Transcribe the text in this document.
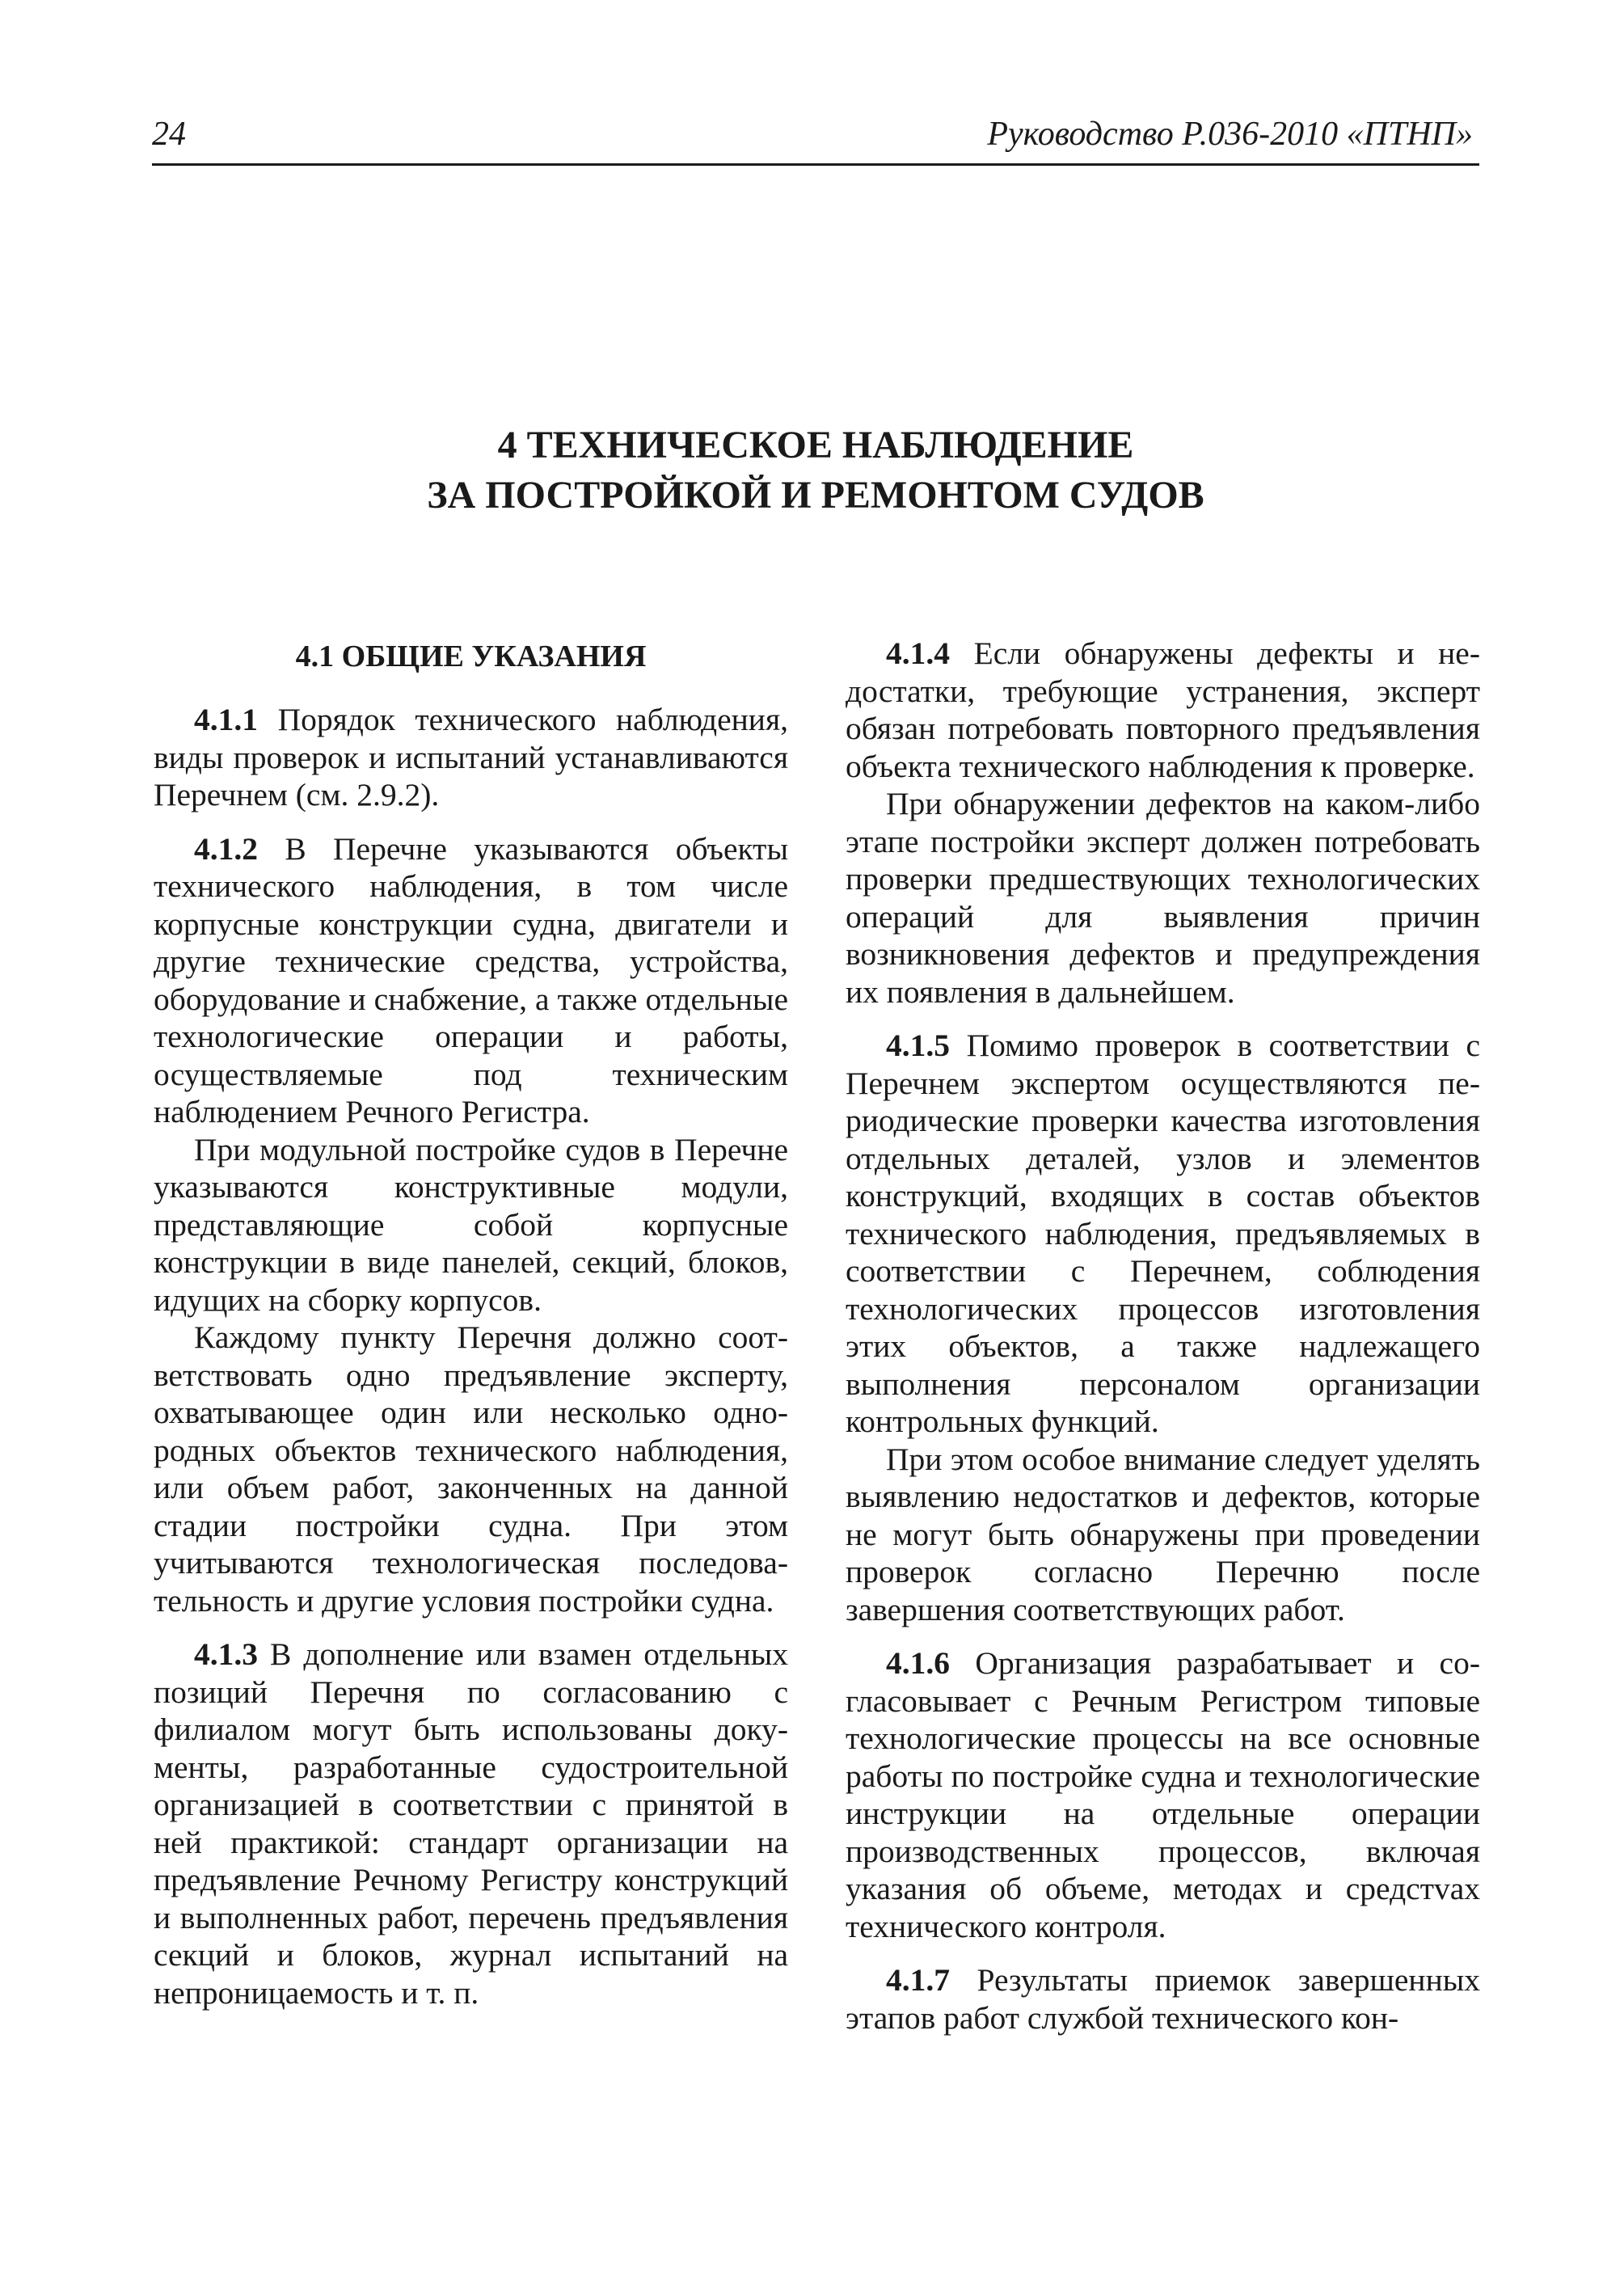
24	Руководство Р.036-2010 «ПТНП»
4 ТЕХНИЧЕСКОЕ НАБЛЮДЕНИЕ
ЗА ПОСТРОЙКОЙ И РЕМОНТОМ СУДОВ
4.1 ОБЩИЕ УКАЗАНИЯ

4.1.1 Порядок технического наблюдения, виды проверок и испытаний устанавливаются Перечнем (см. 2.9.2).

4.1.2 В Перечне указываются объекты технического наблюдения, в том числе корпусные конструкции судна, двигатели и другие технические средства, устройства, оборудование и снабжение, а также отдельные технологические операции и работы, осуществляемые под техническим наблюдением Речного Регистра.

При модульной постройке судов в Перечне указываются конструктивные модули, представляющие собой корпусные конструкции в виде панелей, секций, блоков, идущих на сборку корпусов.

Каждому пункту Перечня должно соответствовать одно предъявление эксперту, охватывающее один или несколько однородных объектов технического наблюдения, или объем работ, законченных на данной стадии постройки судна. При этом учитываются технологическая последовательность и другие условия постройки судна.

4.1.3 В дополнение или взамен отдельных позиций Перечня по согласованию с филиалом могут быть использованы документы, разработанные судостроительной организацией в соответствии с принятой в ней практикой: стандарт организации на предъявление Речному Регистру конструкций и выполненных работ, перечень предъявления секций и блоков, журнал испытаний на непроницаемость и т. п.

4.1.4 Если обнаружены дефекты и недостатки, требующие устранения, эксперт обязан потребовать повторного предъявления объекта технического наблюдения к проверке.

При обнаружении дефектов на каком-либо этапе постройки эксперт должен потребовать проверки предшествующих технологических операций для выявления причин возникновения дефектов и предупреждения их появления в дальнейшем.

4.1.5 Помимо проверок в соответствии с Перечнем экспертом осуществляются периодические проверки качества изготовления отдельных деталей, узлов и элементов конструкций, входящих в состав объектов технического наблюдения, предъявляемых в соответствии с Перечнем, соблюдения технологических процессов изготовления этих объектов, а также надлежащего выполнения персоналом организации контрольных функций.

При этом особое внимание следует уделять выявлению недостатков и дефектов, которые не могут быть обнаружены при проведении проверок согласно Перечню после завершения соответствующих работ.

4.1.6 Организация разрабатывает и согласовывает с Речным Регистром типовые технологические процессы на все основные работы по постройке судна и технологические инструкции на отдельные операции производственных процессов, включая указания об объеме, методах и средстvах технического контроля.

4.1.7 Результаты приемок завершенных этапов работ службой технического кон-
